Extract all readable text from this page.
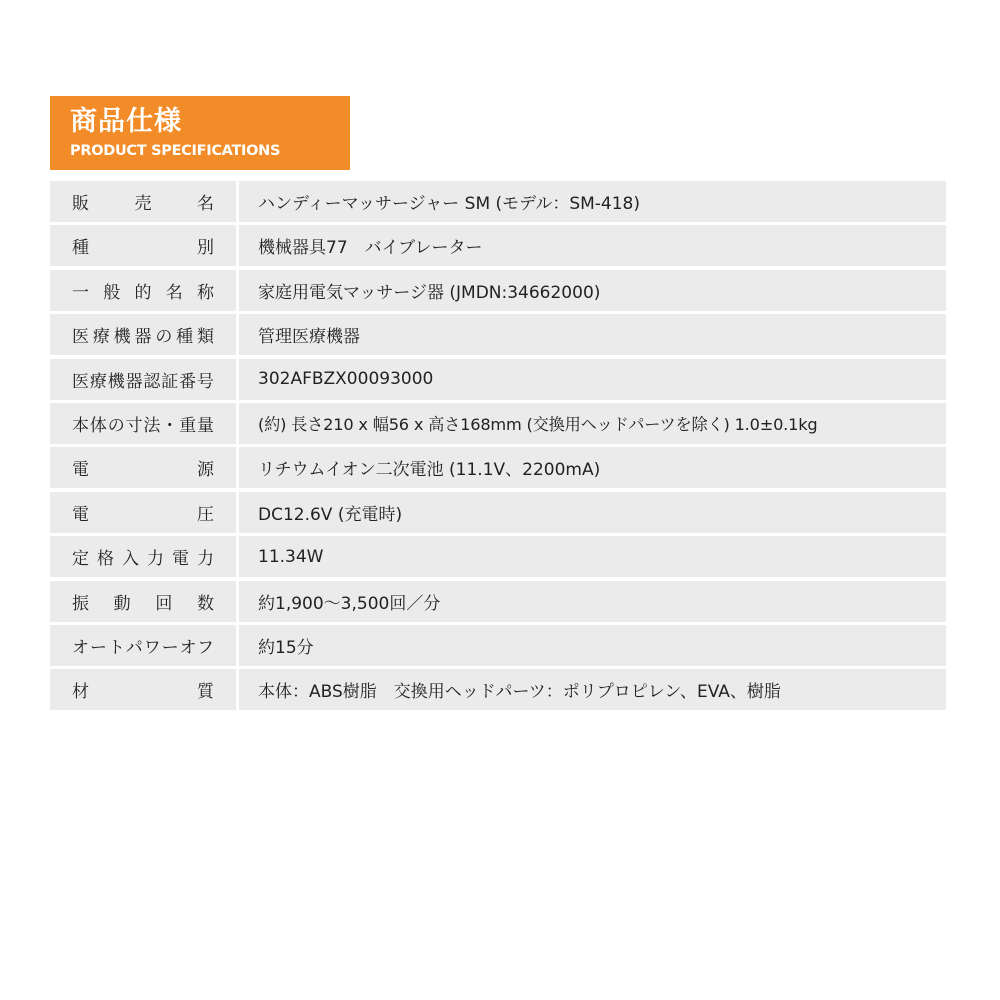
商品仕様
PRODUCT SPECIFICATIONS
販　売　名	ハンディーマッサージャー SM (モデル：SM-418)
種　　　別	機械器具77　バイブレーター
一般的名称	家庭用電気マッサージ器 (JMDN:34662000)
医療機器の種類	管理医療機器
医療機器認証番号	302AFBZX00093000
本体の寸法・重量	(約) 長さ210 x 幅56 x 高さ168mm (交換用ヘッドパーツを除く) 1.0±0.1kg
電　　　源	リチウムイオン二次電池 (11.1V、2200mA)
電　　　圧	DC12.6V (充電時)
定格入力電力	11.34W
振　動　回　数	約1,900〜3,500回／分
オートパワーオフ	約15分
材　　　質	本体：ABS樹脂　交換用ヘッドパーツ：ポリプロピレン、EVA、樹脂
